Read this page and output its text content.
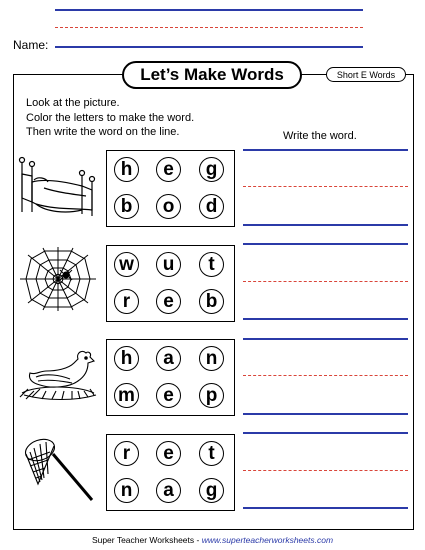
Name:
Let’s Make Words	Short E Words
Look at the picture.
Color the letters to make the word.
Then write the word on the line.	Write the word.
h	e	g
b	o	d
w	u	t
r	e	b
h	a	n
m	e	p
r	e	t
n	a	g
Super Teacher Worksheets - www.superteacherworksheets.com
